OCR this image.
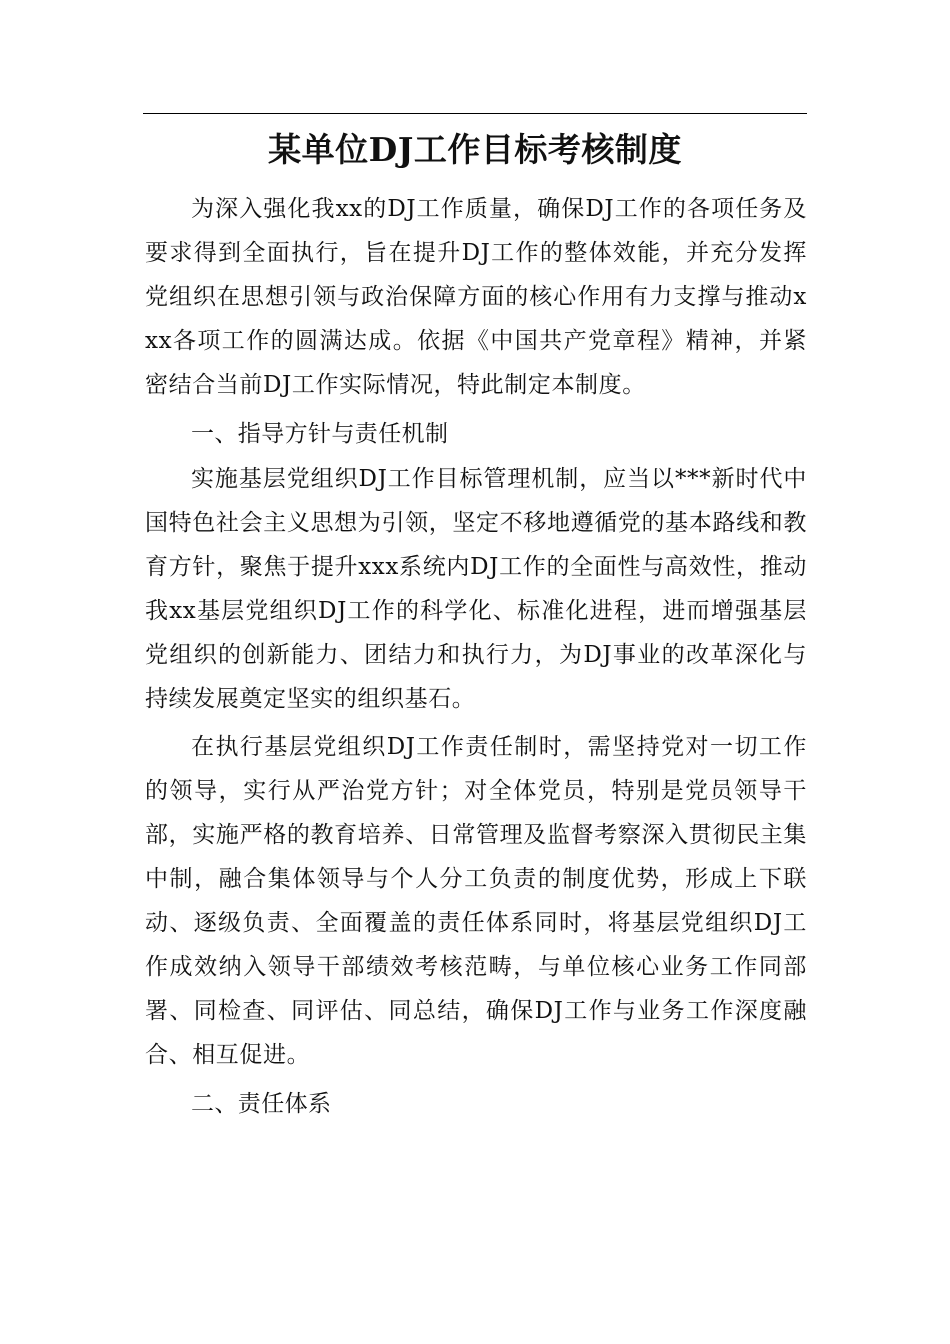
某单位DJ工作目标考核制度

为深入强化我xx的DJ工作质量，确保DJ工作的各项任务及要求得到全面执行，旨在提升DJ工作的整体效能，并充分发挥党组织在思想引领与政治保障方面的核心作用有力支撑与推动xxx各项工作的圆满达成。依据《中国共产党章程》精神，并紧密结合当前DJ工作实际情况，特此制定本制度。

一、指导方针与责任机制

实施基层党组织DJ工作目标管理机制，应当以***新时代中国特色社会主义思想为引领，坚定不移地遵循党的基本路线和教育方针，聚焦于提升xxx系统内DJ工作的全面性与高效性，推动我xx基层党组织DJ工作的科学化、标准化进程，进而增强基层党组织的创新能力、团结力和执行力，为DJ事业的改革深化与持续发展奠定坚实的组织基石。

在执行基层党组织DJ工作责任制时，需坚持党对一切工作的领导，实行从严治党方针；对全体党员，特别是党员领导干部，实施严格的教育培养、日常管理及监督考察深入贯彻民主集中制，融合集体领导与个人分工负责的制度优势，形成上下联动、逐级负责、全面覆盖的责任体系同时，将基层党组织DJ工作成效纳入领导干部绩效考核范畴，与单位核心业务工作同部署、同检查、同评估、同总结，确保DJ工作与业务工作深度融合、相互促进。

二、责任体系
